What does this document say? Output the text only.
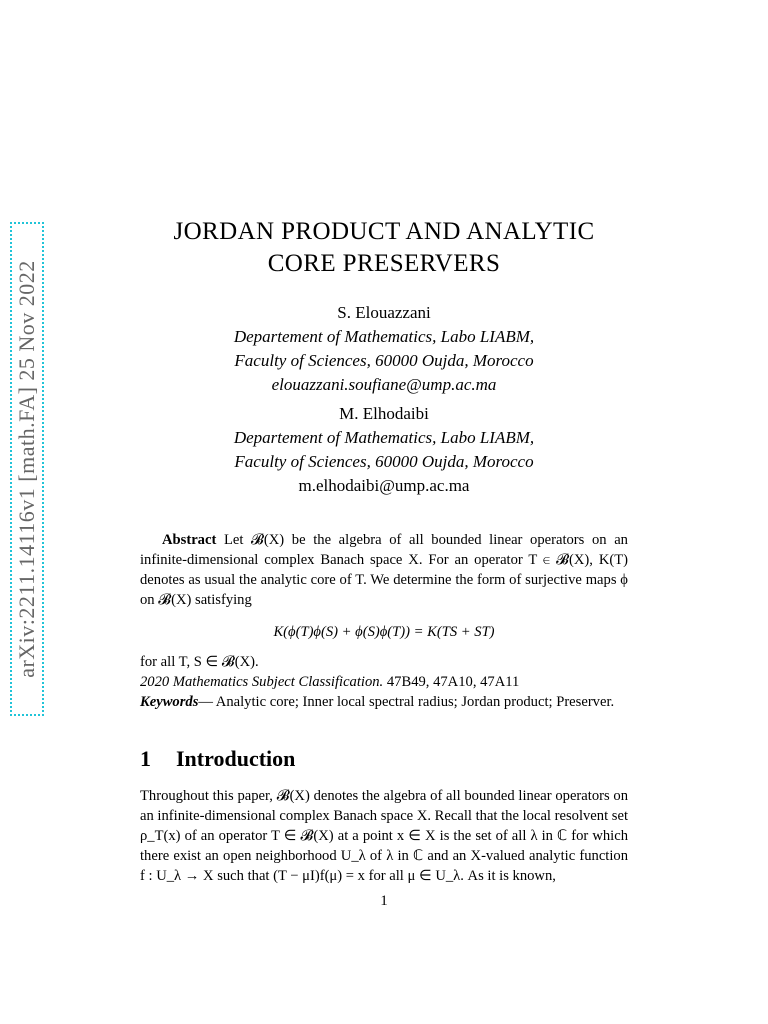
arXiv:2211.14116v1 [math.FA] 25 Nov 2022
JORDAN PRODUCT AND ANALYTIC
CORE PRESERVERS
S. Elouazzani
Departement of Mathematics, Labo LIABM,
Faculty of Sciences, 60000 Oujda, Morocco
elouazzani.soufiane@ump.ac.ma
M. Elhodaibi
Departement of Mathematics, Labo LIABM,
Faculty of Sciences, 60000 Oujda, Morocco
m.elhodaibi@ump.ac.ma

Abstract Let 𝓑(X) be the algebra of all bounded linear operators on an infinite-dimensional complex Banach space X. For an operator T ∈ 𝓑(X), K(T) denotes as usual the analytic core of T. We determine the form of surjective maps ϕ on 𝓑(X) satisfying

K(ϕ(T)ϕ(S) + ϕ(S)ϕ(T)) = K(TS + ST)

for all T, S ∈ 𝓑(X).

2020 Mathematics Subject Classification. 47B49, 47A10, 47A11

Keywords— Analytic core; Inner local spectral radius; Jordan product; Preserver.

1 Introduction

Throughout this paper, 𝓑(X) denotes the algebra of all bounded linear operators on an infinite-dimensional complex Banach space X. Recall that the local resolvent set ρ_T(x) of an operator T ∈ 𝓑(X) at a point x ∈ X is the set of all λ in ℂ for which there exist an open neighborhood U_λ of λ in ℂ and an X-valued analytic function f : U_λ → X such that (T − μI)f(μ) = x for all μ ∈ U_λ. As it is known,

1
